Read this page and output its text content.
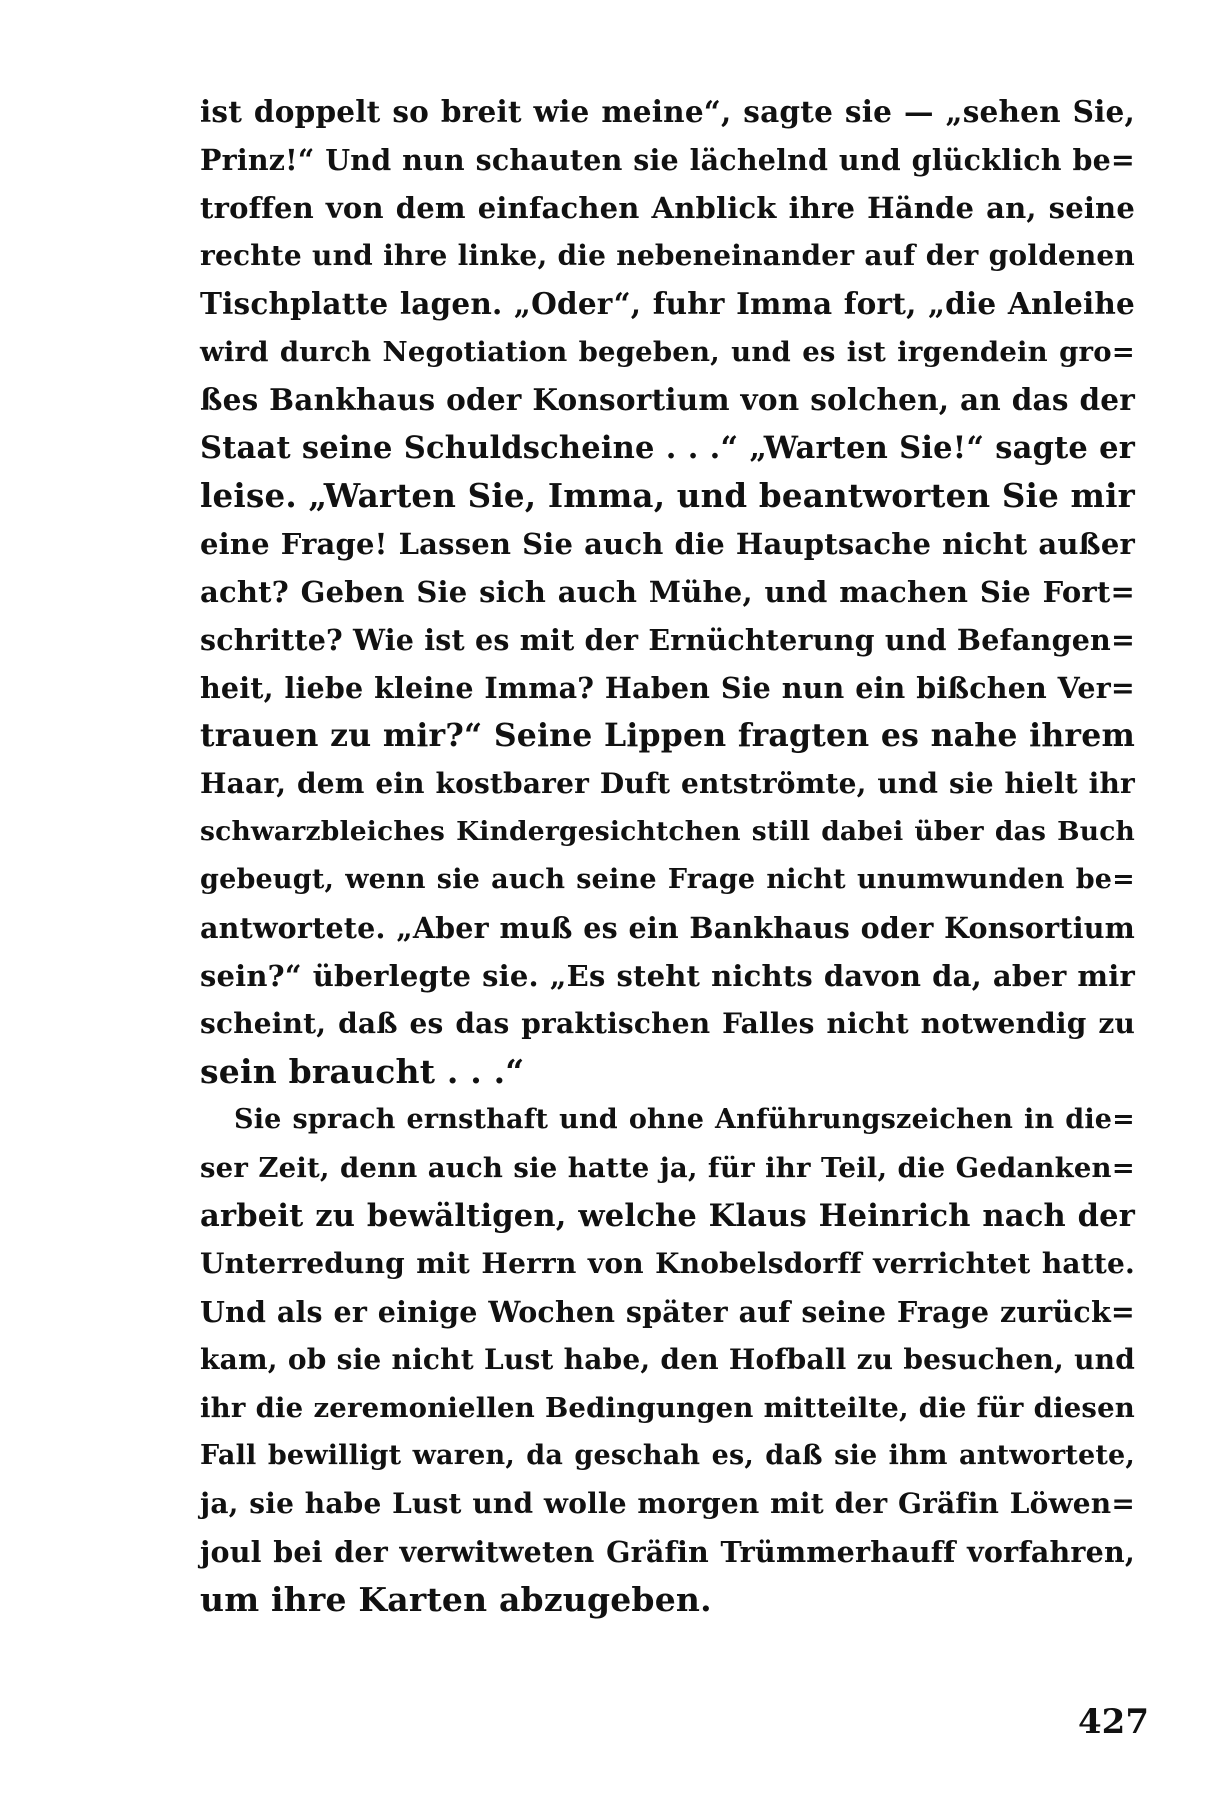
ist doppelt so breit wie meine“, sagte sie — „sehen Sie,
Prinz!“ Und nun schauten sie lächelnd und glücklich be=
troffen von dem einfachen Anblick ihre Hände an, seine
rechte und ihre linke, die nebeneinander auf der goldenen
Tischplatte lagen. „Oder“, fuhr Imma fort, „die Anleihe
wird durch Negotiation begeben, und es ist irgendein gro=
ßes Bankhaus oder Konsortium von solchen, an das der
Staat seine Schuldscheine . . .“ „Warten Sie!“ sagte er
leise. „Warten Sie, Imma, und beantworten Sie mir
eine Frage! Lassen Sie auch die Hauptsache nicht außer
acht? Geben Sie sich auch Mühe, und machen Sie Fort=
schritte? Wie ist es mit der Ernüchterung und Befangen=
heit, liebe kleine Imma? Haben Sie nun ein bißchen Ver=
trauen zu mir?“ Seine Lippen fragten es nahe ihrem
Haar, dem ein kostbarer Duft entströmte, und sie hielt ihr
schwarzbleiches Kindergesichtchen still dabei über das Buch
gebeugt, wenn sie auch seine Frage nicht unumwunden be=
antwortete. „Aber muß es ein Bankhaus oder Konsortium
sein?“ überlegte sie. „Es steht nichts davon da, aber mir
scheint, daß es das praktischen Falles nicht notwendig zu
sein braucht . . .“
Sie sprach ernsthaft und ohne Anführungszeichen in die=
ser Zeit, denn auch sie hatte ja, für ihr Teil, die Gedanken=
arbeit zu bewältigen, welche Klaus Heinrich nach der
Unterredung mit Herrn von Knobelsdorff verrichtet hatte.
Und als er einige Wochen später auf seine Frage zurück=
kam, ob sie nicht Lust habe, den Hofball zu besuchen, und
ihr die zeremoniellen Bedingungen mitteilte, die für diesen
Fall bewilligt waren, da geschah es, daß sie ihm antwortete,
ja, sie habe Lust und wolle morgen mit der Gräfin Löwen=
joul bei der verwitweten Gräfin Trümmerhauff vorfahren,
um ihre Karten abzugeben.
427
